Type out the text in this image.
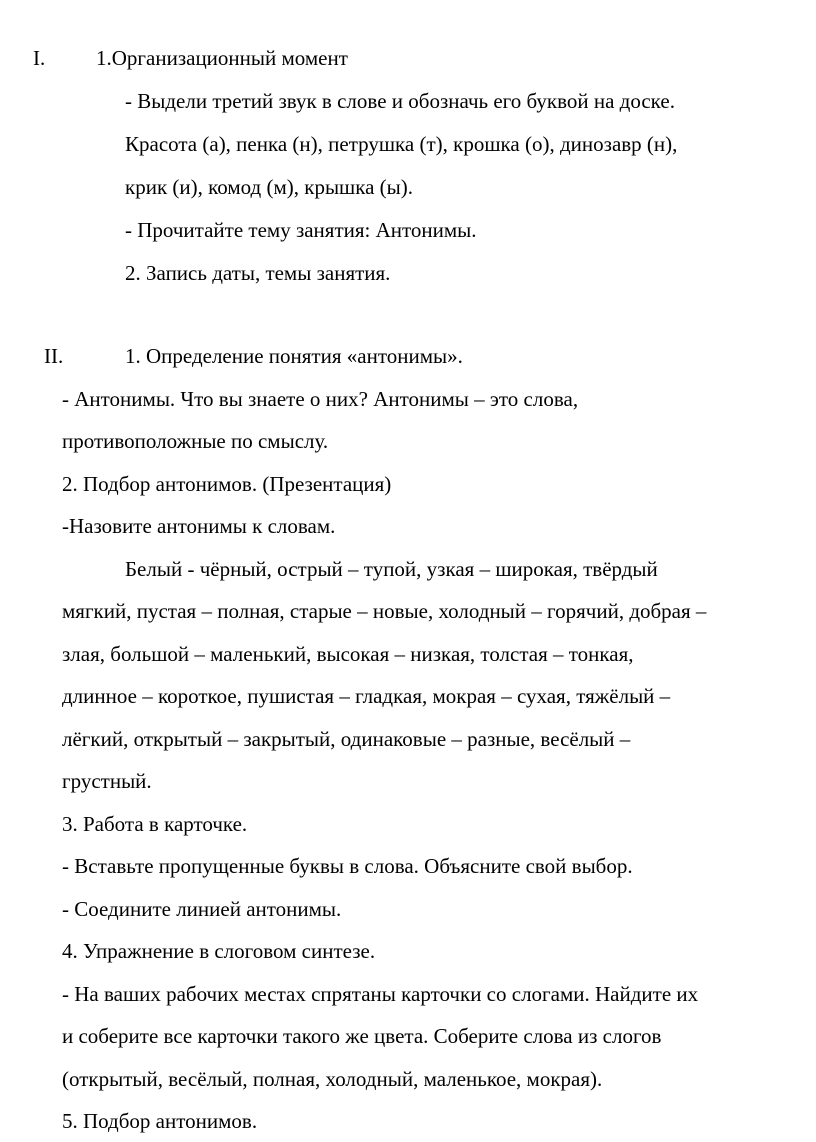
I. 1.Организационный момент
- Выдели третий звук в слове и обозначь его буквой на доске.
Красота (а), пенка (н), петрушка (т), крошка (о), динозавр (н),
крик (и), комод (м), крышка (ы).
- Прочитайте тему занятия: Антонимы.
2. Запись даты, темы занятия.
II.	1. Определение понятия «антонимы».
- Антонимы. Что вы знаете о них? Антонимы – это слова,
противоположные по смыслу.
2. Подбор антонимов. (Презентация)
-Назовите антонимы к словам.
Белый - чёрный, острый – тупой, узкая – широкая, твёрдый
мягкий, пустая – полная, старые – новые, холодный – горячий, добрая –
злая, большой – маленький, высокая – низкая, толстая – тонкая,
длинное – короткое, пушистая – гладкая, мокрая – сухая, тяжёлый –
лёгкий, открытый – закрытый, одинаковые – разные, весёлый –
грустный.
3. Работа в карточке.
- Вставьте пропущенные буквы в слова. Объясните свой выбор.
- Соедините линией антонимы.
4. Упражнение в слоговом синтезе.
- На ваших рабочих местах спрятаны карточки со слогами. Найдите их
и соберите все карточки такого же цвета. Соберите слова из слогов
(открытый, весёлый, полная, холодный, маленькое, мокрая).
5. Подбор антонимов.
